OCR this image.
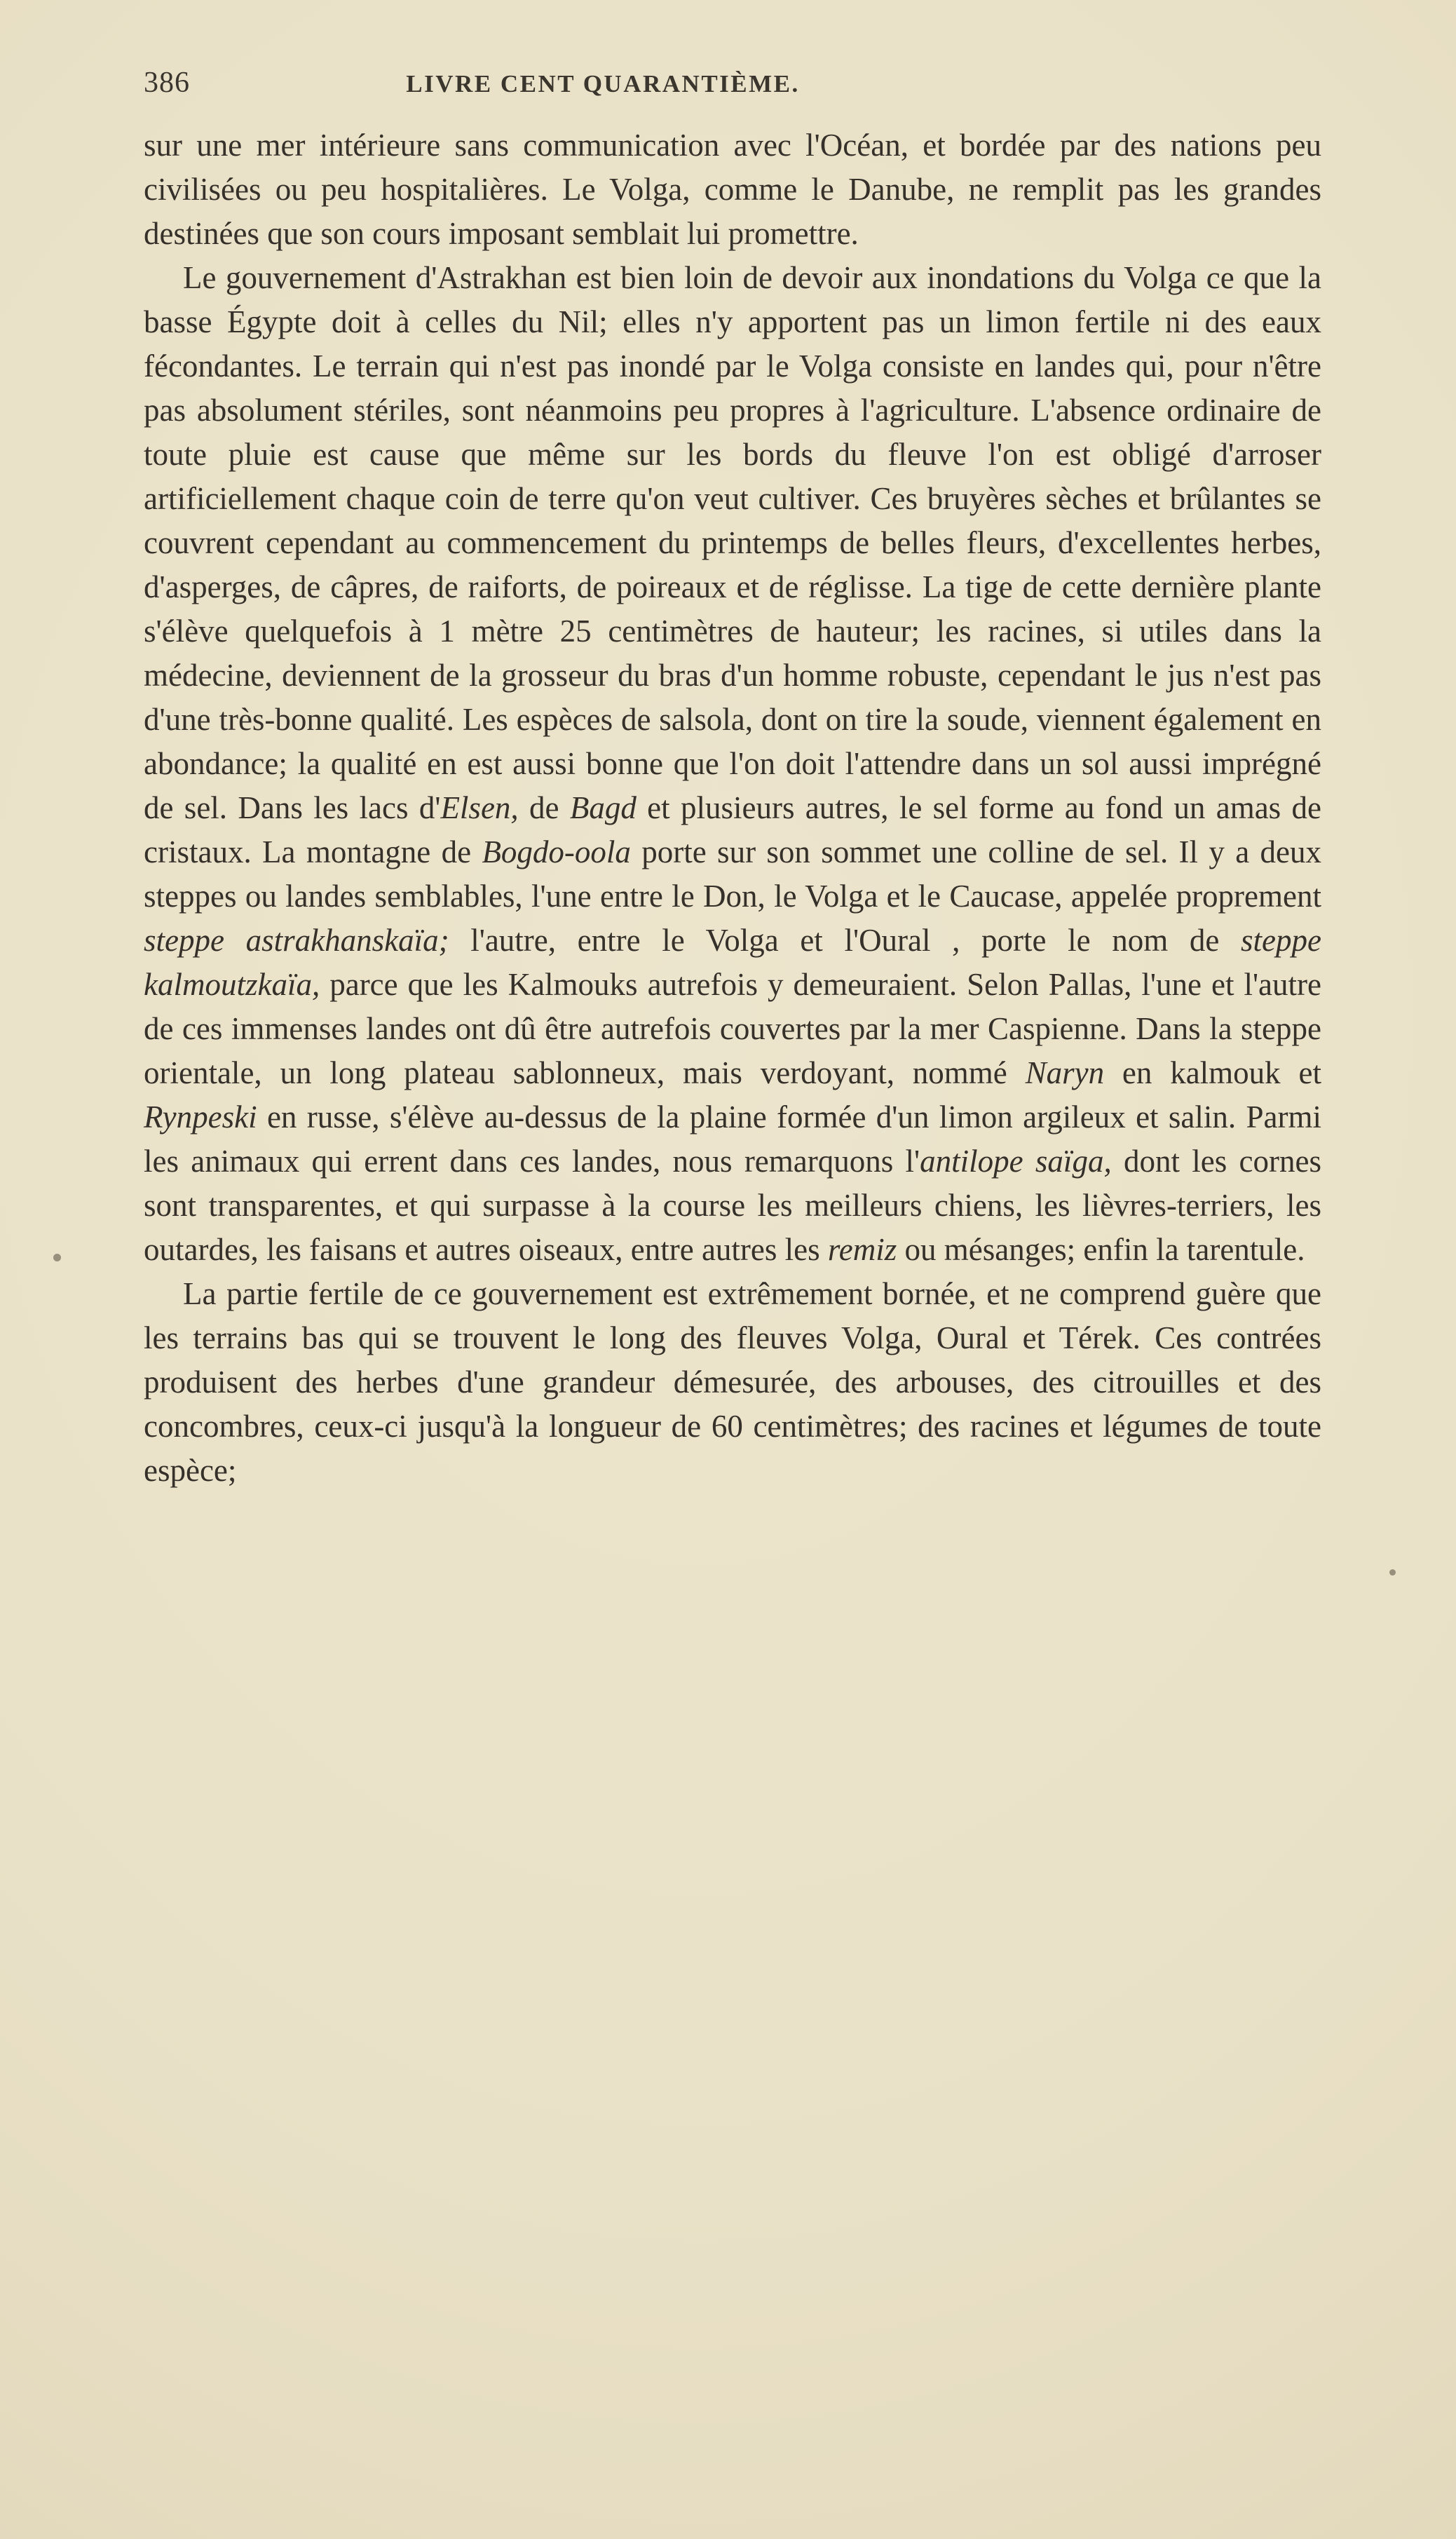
386	LIVRE CENT QUARANTIÈME.

sur une mer intérieure sans communication avec l'Océan, et bordée par des nations peu civilisées ou peu hospitalières. Le Volga, comme le Danube, ne remplit pas les grandes destinées que son cours imposant semblait lui promettre.

Le gouvernement d'Astrakhan est bien loin de devoir aux inondations du Volga ce que la basse Égypte doit à celles du Nil; elles n'y apportent pas un limon fertile ni des eaux fécondantes. Le terrain qui n'est pas inondé par le Volga consiste en landes qui, pour n'être pas absolument stériles, sont néanmoins peu propres à l'agriculture. L'absence ordinaire de toute pluie est cause que même sur les bords du fleuve l'on est obligé d'arroser artificiellement chaque coin de terre qu'on veut cultiver. Ces bruyères sèches et brûlantes se couvrent cependant au commencement du printemps de belles fleurs, d'excellentes herbes, d'asperges, de câpres, de raiforts, de poireaux et de réglisse. La tige de cette dernière plante s'élève quelquefois à 1 mètre 25 centimètres de hauteur; les racines, si utiles dans la médecine, deviennent de la grosseur du bras d'un homme robuste, cependant le jus n'est pas d'une très-bonne qualité. Les espèces de salsola, dont on tire la soude, viennent également en abondance; la qualité en est aussi bonne que l'on doit l'attendre dans un sol aussi imprégné de sel. Dans les lacs d'Elsen, de Bagd et plusieurs autres, le sel forme au fond un amas de cristaux. La montagne de Bogdo-oola porte sur son sommet une colline de sel. Il y a deux steppes ou landes semblables, l'une entre le Don, le Volga et le Caucase, appelée proprement steppe astrakhanskaïa; l'autre, entre le Volga et l'Oural , porte le nom de steppe kalmoutzkaïa, parce que les Kalmouks autrefois y demeuraient. Selon Pallas, l'une et l'autre de ces immenses landes ont dû être autrefois couvertes par la mer Caspienne. Dans la steppe orientale, un long plateau sablonneux, mais verdoyant, nommé Naryn en kalmouk et Rynpeski en russe, s'élève au-dessus de la plaine formée d'un limon argileux et salin. Parmi les animaux qui errent dans ces landes, nous remarquons l'antilope saïga, dont les cornes sont transparentes, et qui surpasse à la course les meilleurs chiens, les lièvres-terriers, les outardes, les faisans et autres oiseaux, entre autres les remiz ou mésanges; enfin la tarentule.

La partie fertile de ce gouvernement est extrêmement bornée, et ne comprend guère que les terrains bas qui se trouvent le long des fleuves Volga, Oural et Térek. Ces contrées produisent des herbes d'une grandeur démesurée, des arbouses, des citrouilles et des concombres, ceux-ci jusqu'à la longueur de 60 centimètres; des racines et légumes de toute espèce;
